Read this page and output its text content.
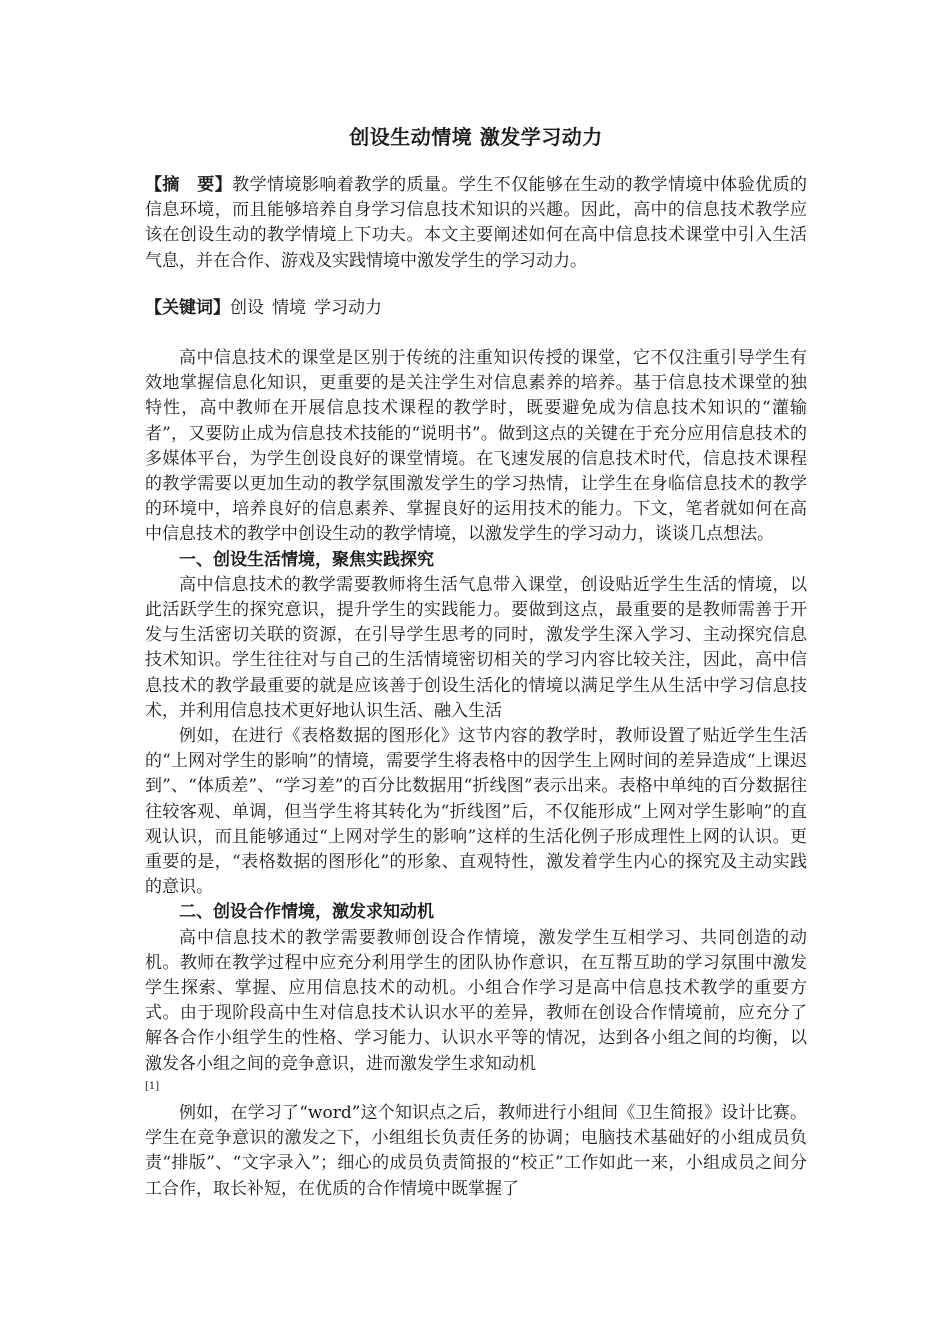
创设生动情境 激发学习动力
【摘　要】教学情境影响着教学的质量。学生不仅能够在生动的教学情境中体验优质的信息环境，而且能够培养自身学习信息技术知识的兴趣。因此，高中的信息技术教学应该在创设生动的教学情境上下功夫。本文主要阐述如何在高中信息技术课堂中引入生活气息，并在合作、游戏及实践情境中激发学生的学习动力。
【关键词】创设 情境 学习动力

高中信息技术的课堂是区别于传统的注重知识传授的课堂，它不仅注重引导学生有效地掌握信息化知识，更重要的是关注学生对信息素养的培养。基于信息技术课堂的独特性，高中教师在开展信息技术课程的教学时，既要避免成为信息技术知识的“灌输者”，又要防止成为信息技术技能的“说明书”。做到这点的关键在于充分应用信息技术的多媒体平台，为学生创设良好的课堂情境。在飞速发展的信息技术时代，信息技术课程的教学需要以更加生动的教学氛围激发学生的学习热情，让学生在身临信息技术的教学的环境中，培养良好的信息素养、掌握良好的运用技术的能力。下文，笔者就如何在高中信息技术的教学中创设生动的教学情境，以激发学生的学习动力，谈谈几点想法。

一、创设生活情境，聚焦实践探究

高中信息技术的教学需要教师将生活气息带入课堂，创设贴近学生生活的情境，以此活跃学生的探究意识，提升学生的实践能力。要做到这点，最重要的是教师需善于开发与生活密切关联的资源，在引导学生思考的同时，激发学生深入学习、主动探究信息技术知识。学生往往对与自己的生活情境密切相关的学习内容比较关注，因此，高中信息技术的教学最重要的就是应该善于创设生活化的情境以满足学生从生活中学习信息技术，并利用信息技术更好地认识生活、融入生活

例如，在进行《表格数据的图形化》这节内容的教学时，教师设置了贴近学生生活的“上网对学生的影响”的情境，需要学生将表格中的因学生上网时间的差异造成“上课迟到”、“体质差”、“学习差”的百分比数据用“折线图”表示出来。表格中单纯的百分数据往往较客观、单调，但当学生将其转化为“折线图”后，不仅能形成“上网对学生影响”的直观认识，而且能够通过“上网对学生的影响”这样的生活化例子形成理性上网的认识。更重要的是，“表格数据的图形化”的形象、直观特性，激发着学生内心的探究及主动实践的意识。

二、创设合作情境，激发求知动机

高中信息技术的教学需要教师创设合作情境，激发学生互相学习、共同创造的动机。教师在教学过程中应充分利用学生的团队协作意识，在互帮互助的学习氛围中激发学生探索、掌握、应用信息技术的动机。小组合作学习是高中信息技术教学的重要方式。由于现阶段高中生对信息技术认识水平的差异，教师在创设合作情境前，应充分了解各合作小组学生的性格、学习能力、认识水平等的情况，达到各小组之间的均衡，以激发各小组之间的竞争意识，进而激发学生求知动机

[1]

例如，在学习了“word”这个知识点之后，教师进行小组间《卫生简报》设计比赛。学生在竞争意识的激发之下，小组组长负责任务的协调；电脑技术基础好的小组成员负责“排版”、“文字录入”；细心的成员负责简报的“校正”工作如此一来，小组成员之间分工合作，取长补短，在优质的合作情境中既掌握了
